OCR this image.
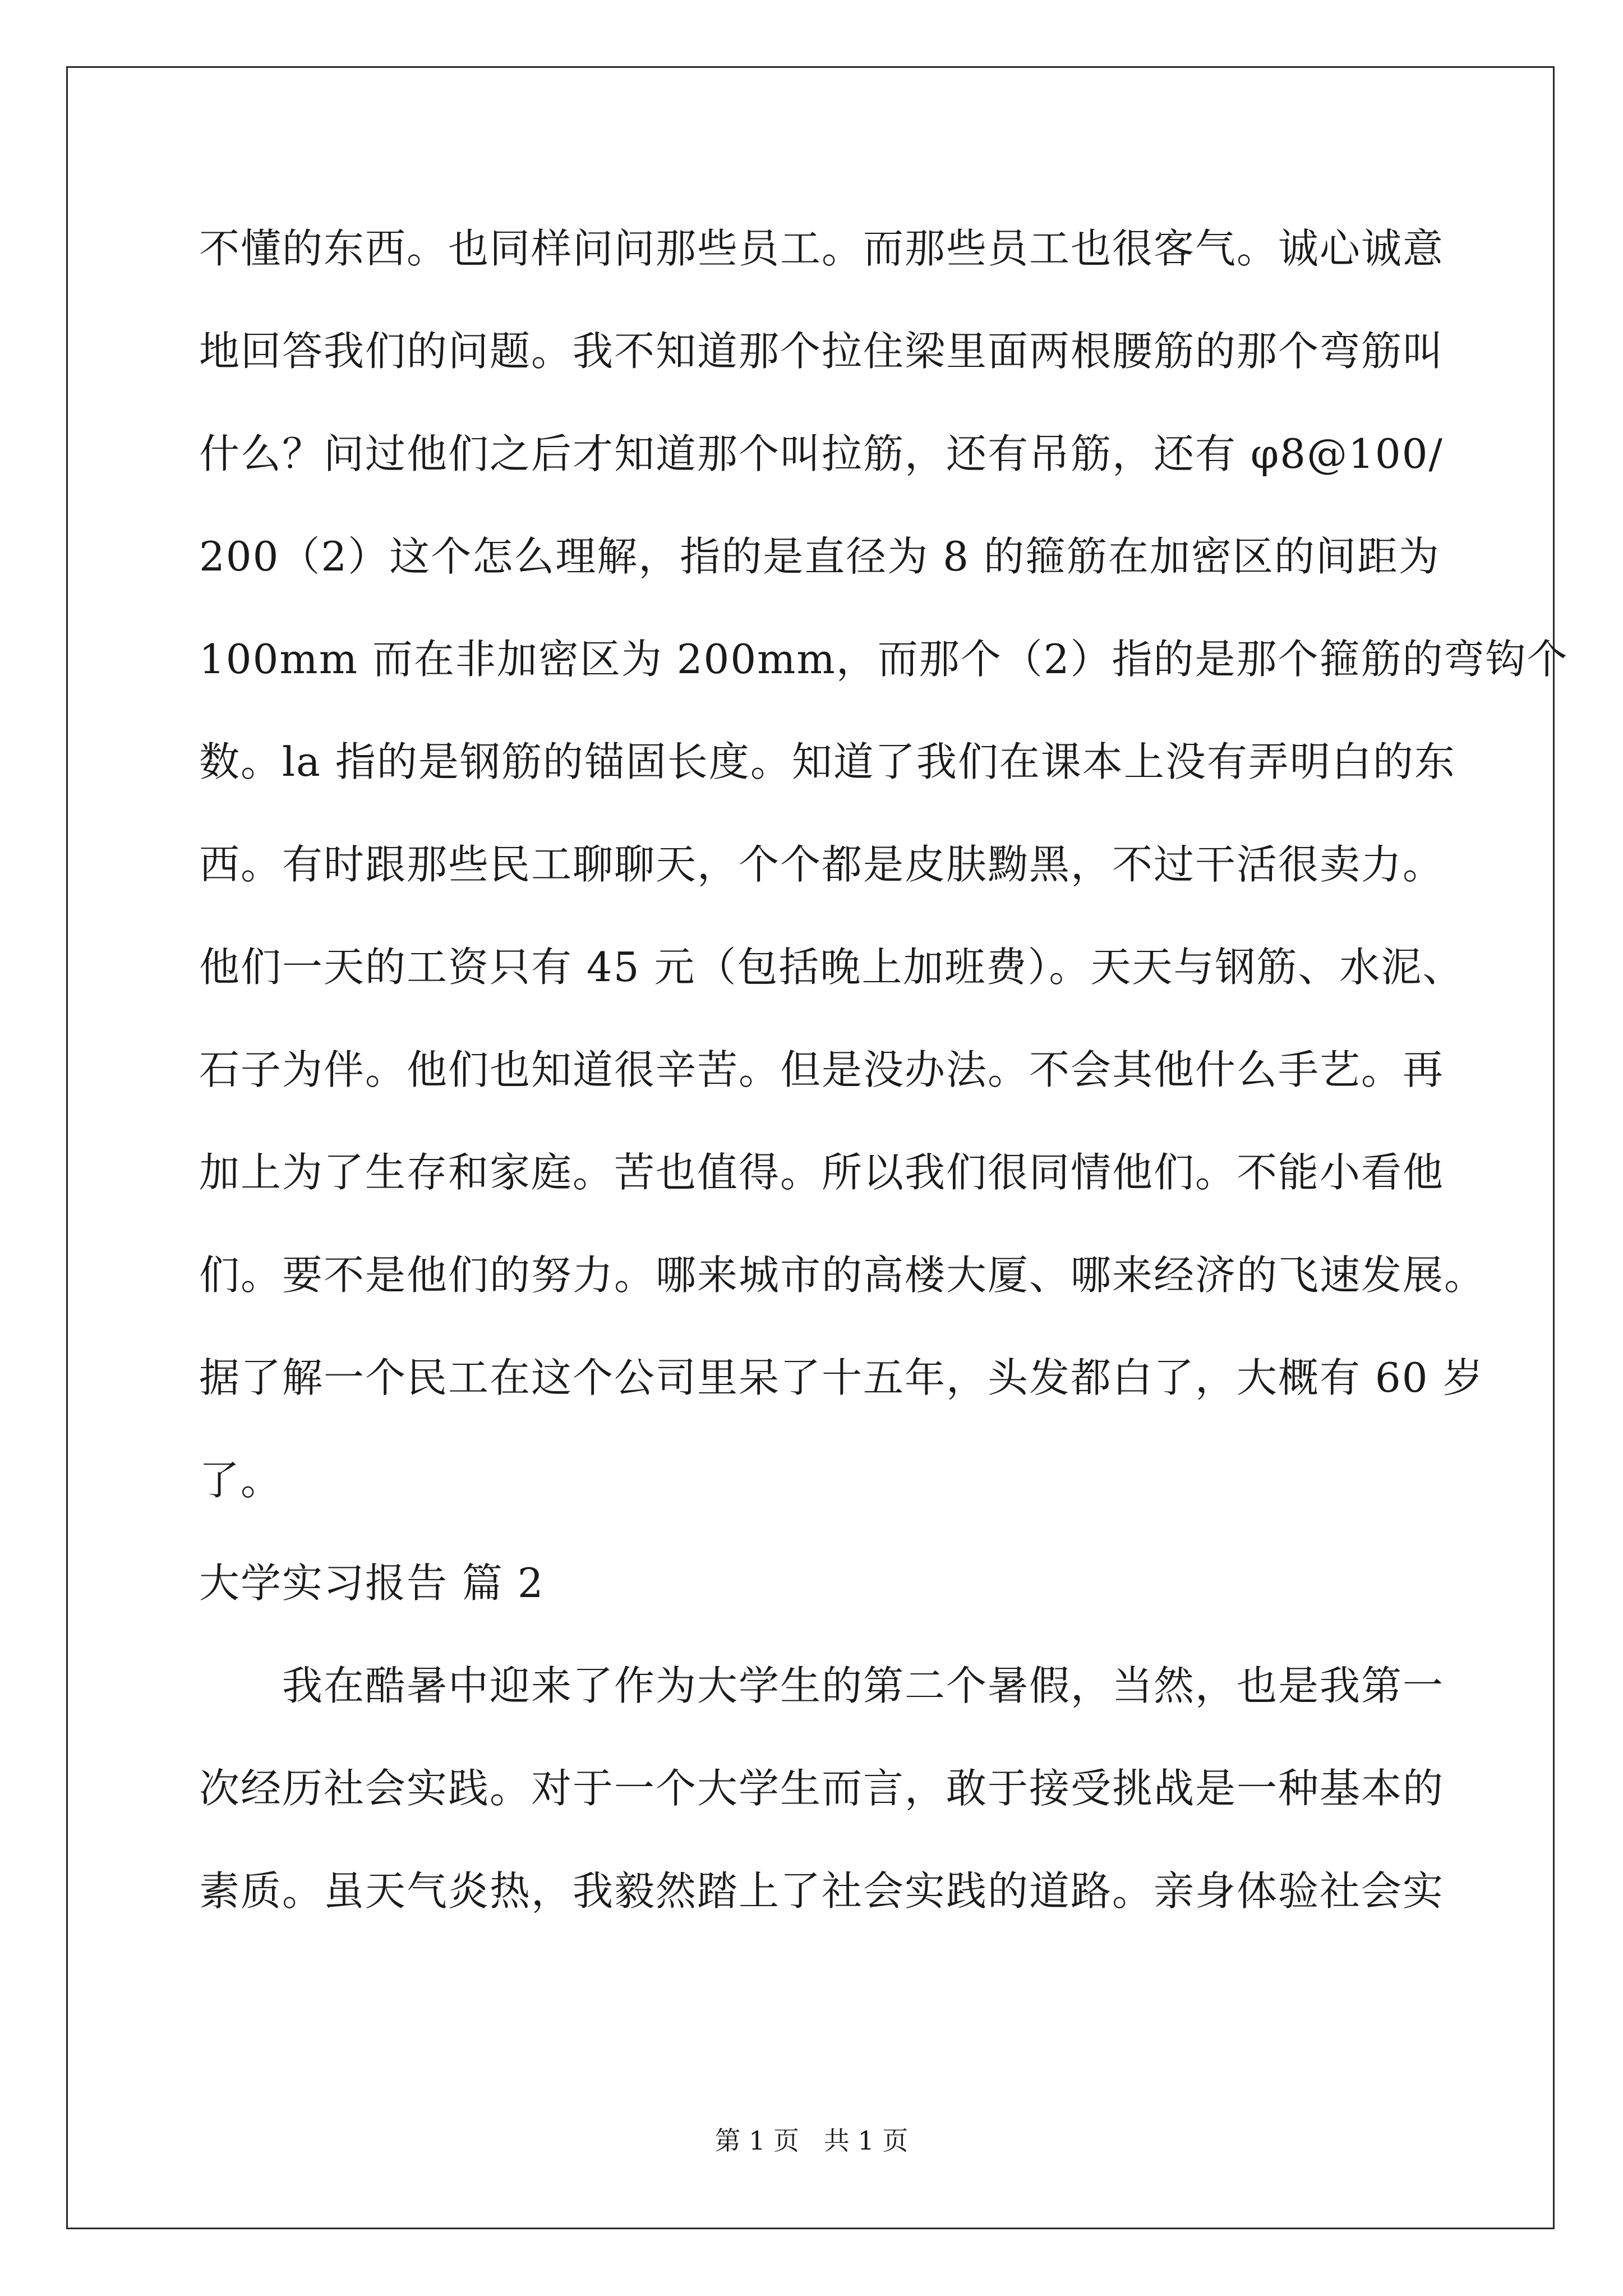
不懂的东西。也同样问问那些员工。而那些员工也很客气。诚心诚意
地回答我们的问题。我不知道那个拉住梁里面两根腰筋的那个弯筋叫
什么？问过他们之后才知道那个叫拉筋，还有吊筋，还有 φ8@100/
200（2）这个怎么理解，指的是直径为 8 的箍筋在加密区的间距为
100mm 而在非加密区为 200mm，而那个（2）指的是那个箍筋的弯钩个
数。la 指的是钢筋的锚固长度。知道了我们在课本上没有弄明白的东
西。有时跟那些民工聊聊天，个个都是皮肤黝黑，不过干活很卖力。
他们一天的工资只有 45 元（包括晚上加班费）。天天与钢筋、水泥、
石子为伴。他们也知道很辛苦。但是没办法。不会其他什么手艺。再
加上为了生存和家庭。苦也值得。所以我们很同情他们。不能小看他
们。要不是他们的努力。哪来城市的高楼大厦、哪来经济的飞速发展。
据了解一个民工在这个公司里呆了十五年，头发都白了，大概有 60 岁
了。
大学实习报告 篇 2
我在酷暑中迎来了作为大学生的第二个暑假，当然，也是我第一
次经历社会实践。对于一个大学生而言，敢于接受挑战是一种基本的
素质。虽天气炎热，我毅然踏上了社会实践的道路。亲身体验社会实
第 1 页   共 1 页
